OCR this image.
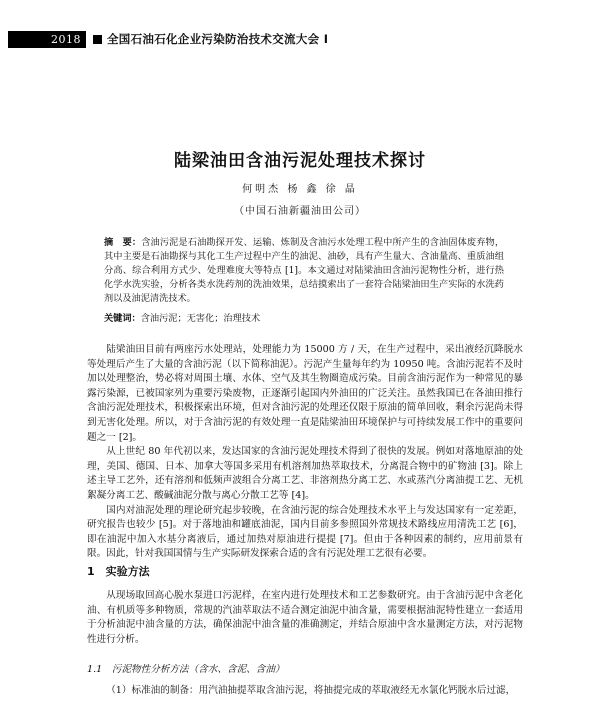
2018	全国石油石化企业污染防治技术交流大会 I
陆梁油田含油污泥处理技术探讨
何明杰 杨 鑫 徐 晶
（中国石油新疆油田公司）
摘　要：含油污泥是石油勘探开发、运输、炼制及含油污水处理工程中所产生的含油固体废弃物，其中主要是石油勘探与其化工生产过程中产生的油泥、油砂，具有产生量大、含油量高、重质油组分高、综合利用方式少、处理难度大等特点 [1]。本文通过对陆梁油田含油污泥物性分析，进行热化学水洗实验，分析各类水洗药剂的洗油效果，总结摸索出了一套符合陆梁油田生产实际的水洗药剂以及油泥清洗技术。
关键词：含油污泥；无害化；治理技术

陆梁油田目前有两座污水处理站，处理能力为 15000 方 / 天，在生产过程中，采出液经沉降脱水等处理后产生了大量的含油污泥（以下简称油泥）。污泥产生量每年约为 10950 吨。含油污泥若不及时加以处理整治，势必将对周围土壤、水体、空气及其生物圈造成污染。目前含油污泥作为一种常见的暴露污染源，已被国家列为重要污染废物，正逐渐引起国内外油田的广泛关注。虽然我国已在各油田推行含油污泥处理技术，积极探索出环境，但对含油污泥的处理还仅限于原油的简单回收，剩余污泥尚未得到无害化处理。所以，对于含油污泥的有效处理一直是陆梁油田环境保护与可持续发展工作中的重要问题之一 [2]。

从上世纪 80 年代初以来，发达国家的含油污泥处理技术得到了很快的发展。例如对落地原油的处理，美国、德国、日本、加拿大等国多采用有机溶剂加热萃取技术，分离混合物中的矿物油 [3]。除上述主导工艺外，还有溶剂和低频声波组合分离工艺、非溶剂热分离工艺、水或蒸汽分离油提工艺、无机絮凝分离工艺、酸碱油泥分散与离心分散工艺等 [4]。

国内对油泥处理的理论研究起步较晚，在含油污泥的综合处理技术水平上与发达国家有一定差距，研究报告也较少 [5]。对于落地油和罐底油泥，国内目前多参照国外常规技术路线应用清洗工艺 [6]，即在油泥中加入水基分离液后，通过加热对原油进行提提 [7]。但由于各种因素的制约，应用前景有限。因此，针对我国国情与生产实际研发探索合适的含有污泥处理工艺很有必要。

1　实验方法

从现场取回高心脱水泵进口污泥样，在室内进行处理技术和工艺参数研究。由于含油污泥中含老化油、有机质等多种物质，常规的汽油萃取法不适合测定油泥中油含量，需要根据油泥特性建立一套适用于分析油泥中油含量的方法，确保油泥中油含量的准确测定，并结合原油中含水量测定方法，对污泥物性进行分析。

1.1　污泥物性分析方法（含水、含泥、含油）

（1）标准油的制备：用汽油抽提萃取含油污泥，将抽提完成的萃取液经无水氯化钙脱水后过滤，
